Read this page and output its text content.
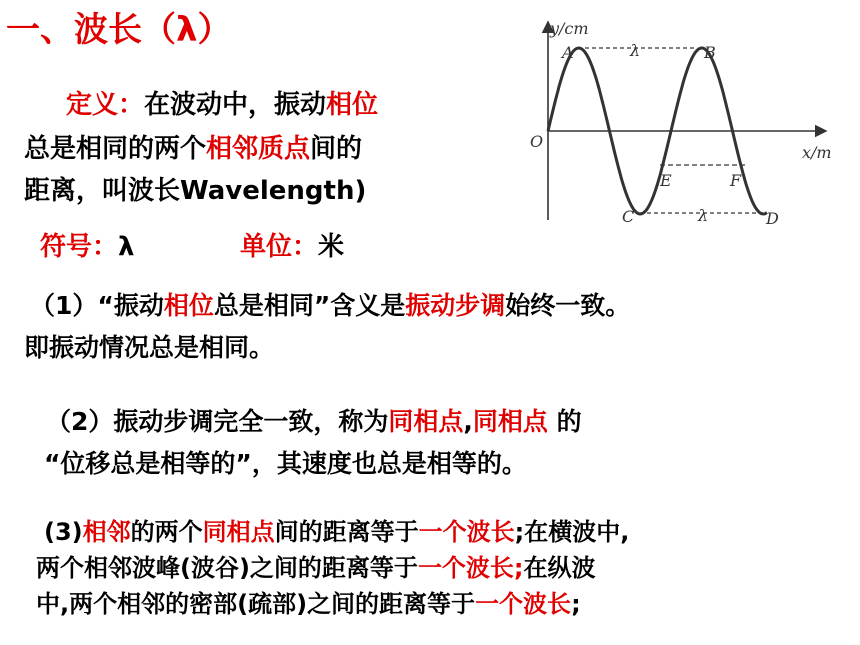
一、波长（λ）
定义：在波动中，振动相位
总是相同的两个相邻质点间的
距离，叫波长Wavelength)
符号：λ	单位：米
（1）“振动相位总是相同”含义是振动步调始终一致。
即振动情况总是相同。
（2）振动步调完全一致，称为同相点,同相点 的
“位移总是相等的”，其速度也总是相等的。
(3)相邻的两个同相点间的距离等于一个波长;在横波中,
两个相邻波峰(波谷)之间的距离等于一个波长;在纵波
中,两个相邻的密部(疏部)之间的距离等于一个波长;
y/cm
x/m
O
A	B
C	D
E	F
λ
λ
